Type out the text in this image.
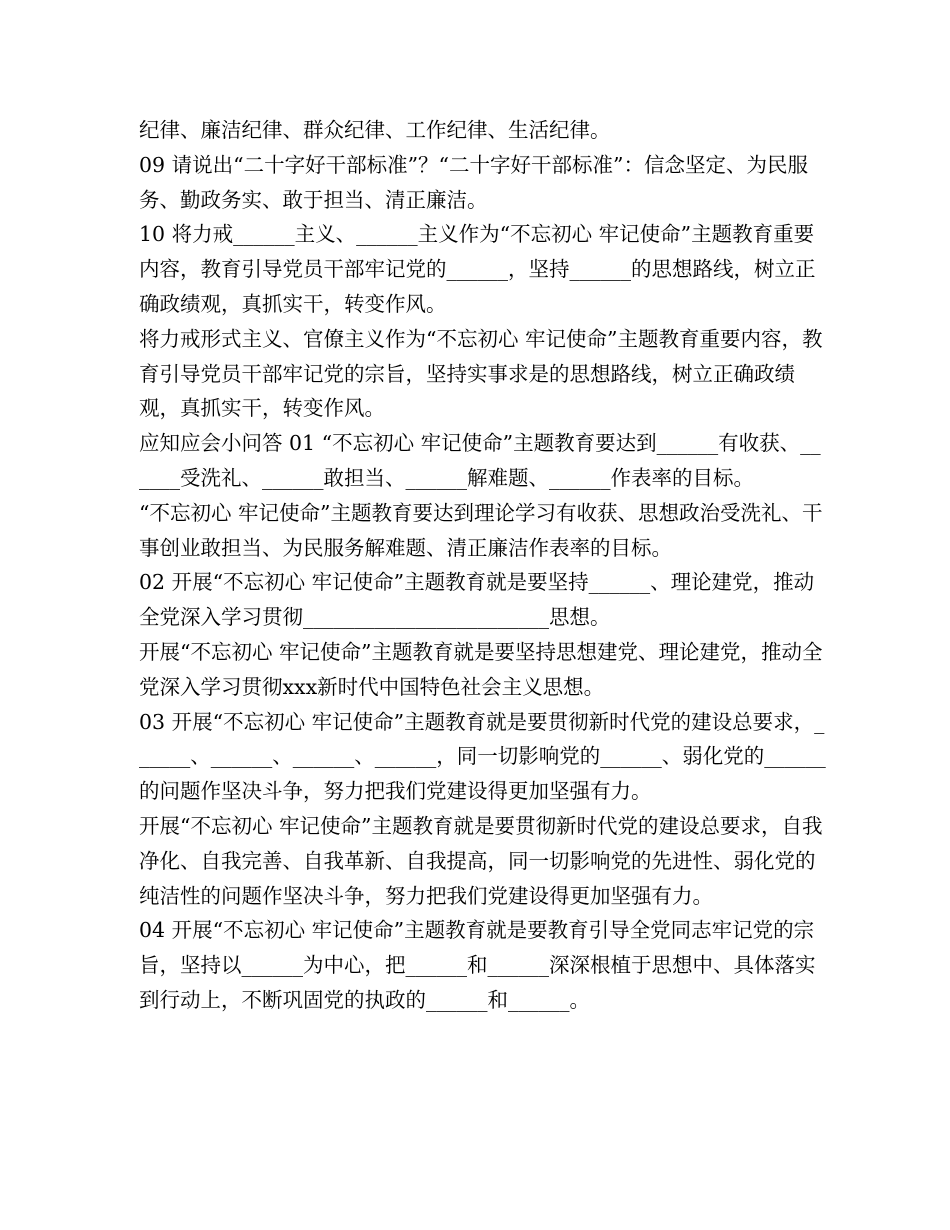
纪律、廉洁纪律、群众纪律、工作纪律、生活纪律。

09 请说出“二十字好干部标准”？“二十字好干部标准”：信念坚定、为民服务、勤政务实、敢于担当、清正廉洁。

10 将力戒______主义、______主义作为“不忘初心 牢记使命”主题教育重要内容，教育引导党员干部牢记党的______，坚持______的思想路线，树立正确政绩观，真抓实干，转变作风。

将力戒形式主义、官僚主义作为“不忘初心 牢记使命”主题教育重要内容，教育引导党员干部牢记党的宗旨，坚持实事求是的思想路线，树立正确政绩观，真抓实干，转变作风。

应知应会小问答 01 “不忘初心 牢记使命”主题教育要达到______有收获、______受洗礼、______敢担当、______解难题、______作表率的目标。

“不忘初心 牢记使命”主题教育要达到理论学习有收获、思想政治受洗礼、干事创业敢担当、为民服务解难题、清正廉洁作表率的目标。

02 开展“不忘初心 牢记使命”主题教育就是要坚持______、理论建党，推动全党深入学习贯彻________________________思想。

开展“不忘初心 牢记使命”主题教育就是要坚持思想建党、理论建党，推动全党深入学习贯彻xxx新时代中国特色社会主义思想。

03 开展“不忘初心 牢记使命”主题教育就是要贯彻新时代党的建设总要求，______、______、______、______，同一切影响党的______、弱化党的______的问题作坚决斗争，努力把我们党建设得更加坚强有力。

开展“不忘初心 牢记使命”主题教育就是要贯彻新时代党的建设总要求，自我净化、自我完善、自我革新、自我提高，同一切影响党的先进性、弱化党的纯洁性的问题作坚决斗争，努力把我们党建设得更加坚强有力。

04 开展“不忘初心 牢记使命”主题教育就是要教育引导全党同志牢记党的宗旨，坚持以______为中心，把______和______深深根植于思想中、具体落实到行动上，不断巩固党的执政的______和______。
